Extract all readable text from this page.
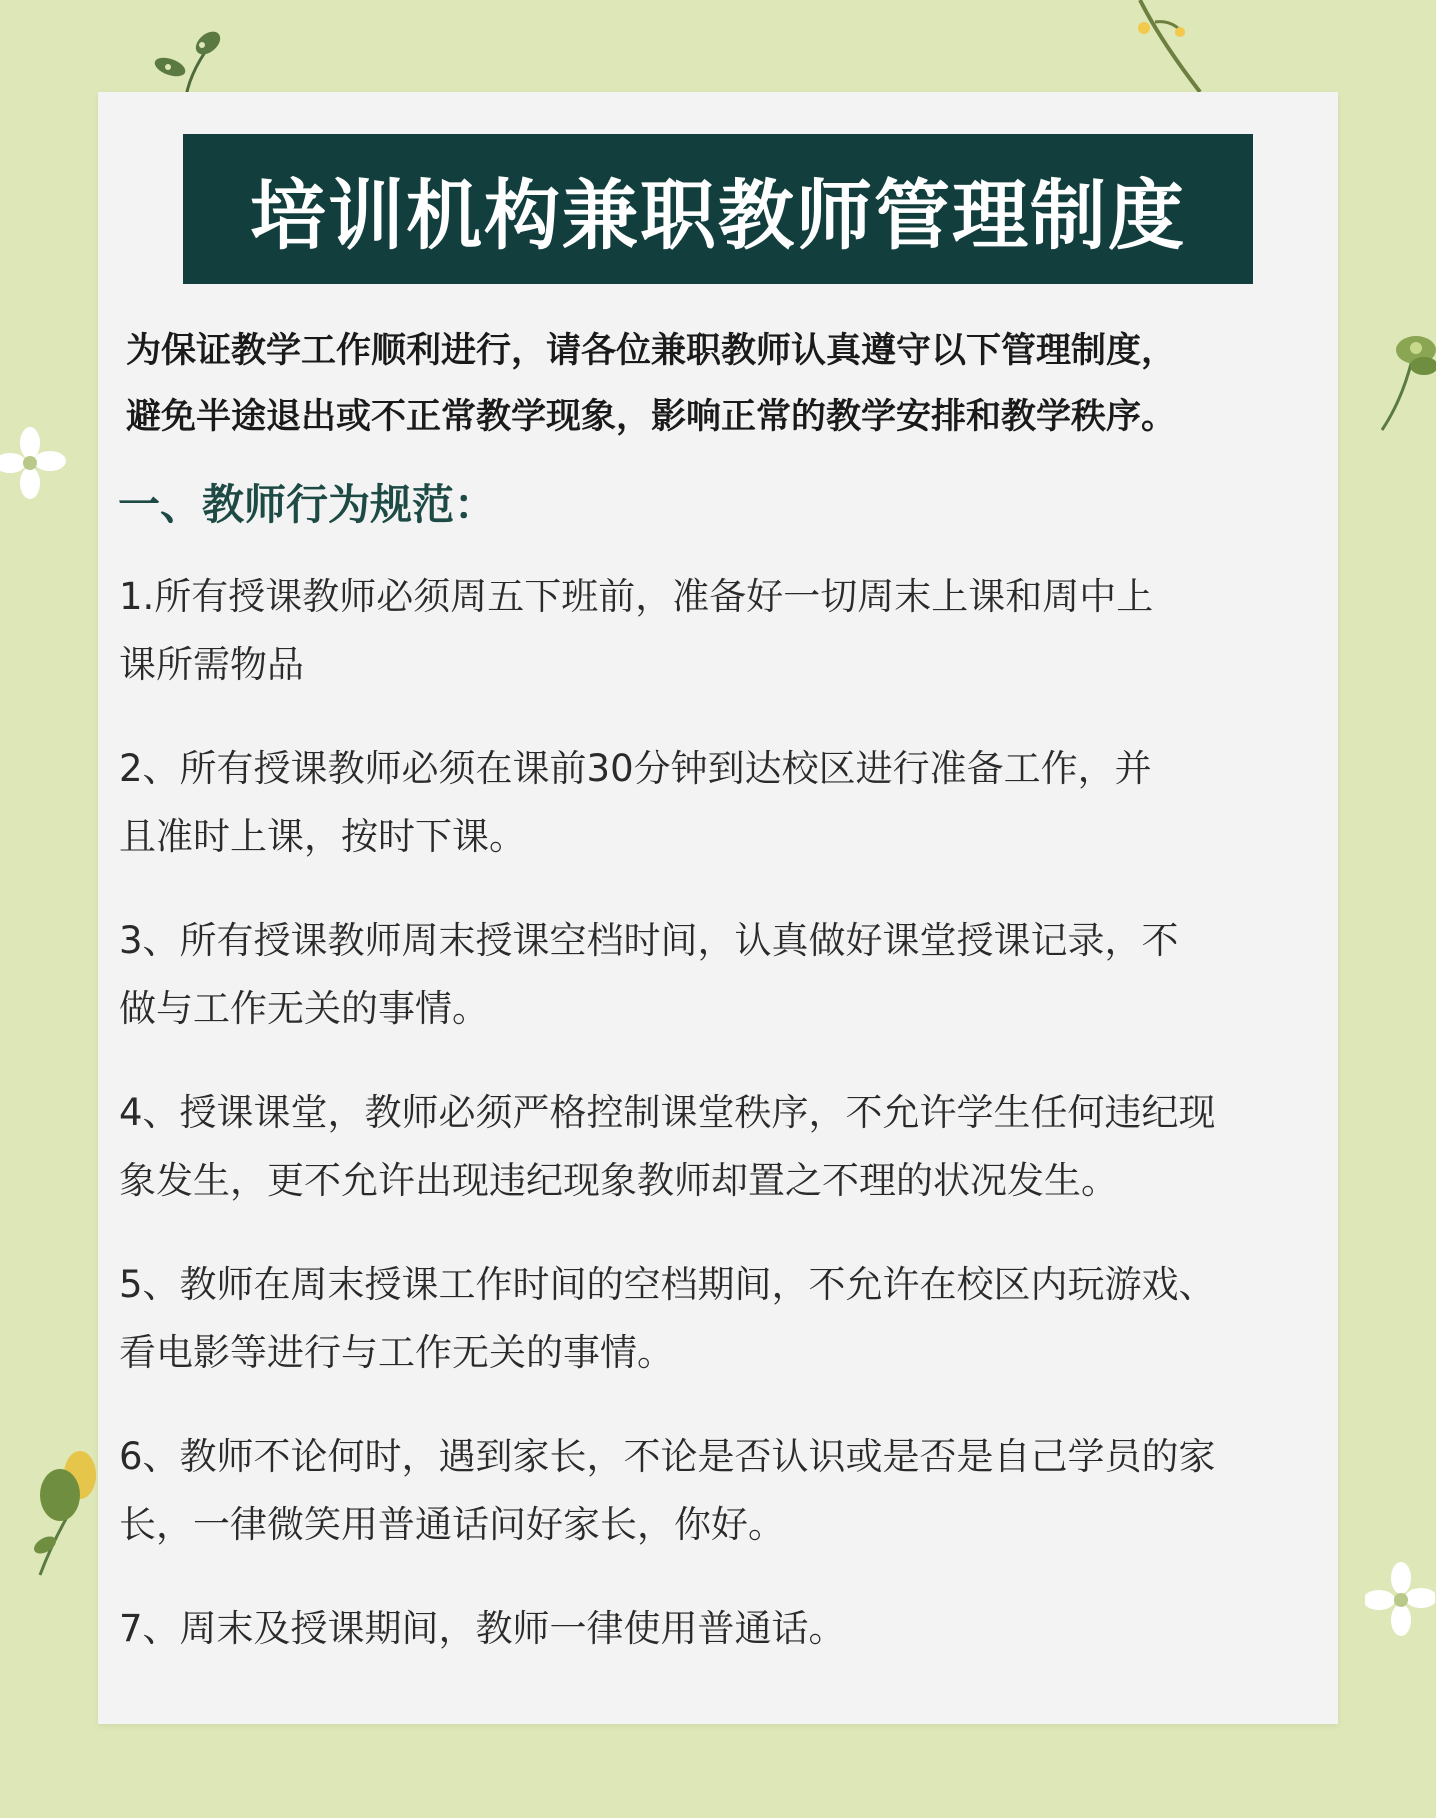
培训机构兼职教师管理制度
为保证教学工作顺利进行，请各位兼职教师认真遵守以下管理制度，
避免半途退出或不正常教学现象，影响正常的教学安排和教学秩序。
一、教师行为规范：
1.所有授课教师必须周五下班前，准备好一切周末上课和周中上
课所需物品
2、所有授课教师必须在课前30分钟到达校区进行准备工作，并
且准时上课，按时下课。
3、所有授课教师周末授课空档时间，认真做好课堂授课记录，不
做与工作无关的事情。
4、授课课堂，教师必须严格控制课堂秩序，不允许学生任何违纪现
象发生，更不允许出现违纪现象教师却置之不理的状况发生。
5、教师在周末授课工作时间的空档期间，不允许在校区内玩游戏、
看电影等进行与工作无关的事情。
6、教师不论何时，遇到家长，不论是否认识或是否是自己学员的家
长，一律微笑用普通话问好家长，你好。
7、周末及授课期间，教师一律使用普通话。
